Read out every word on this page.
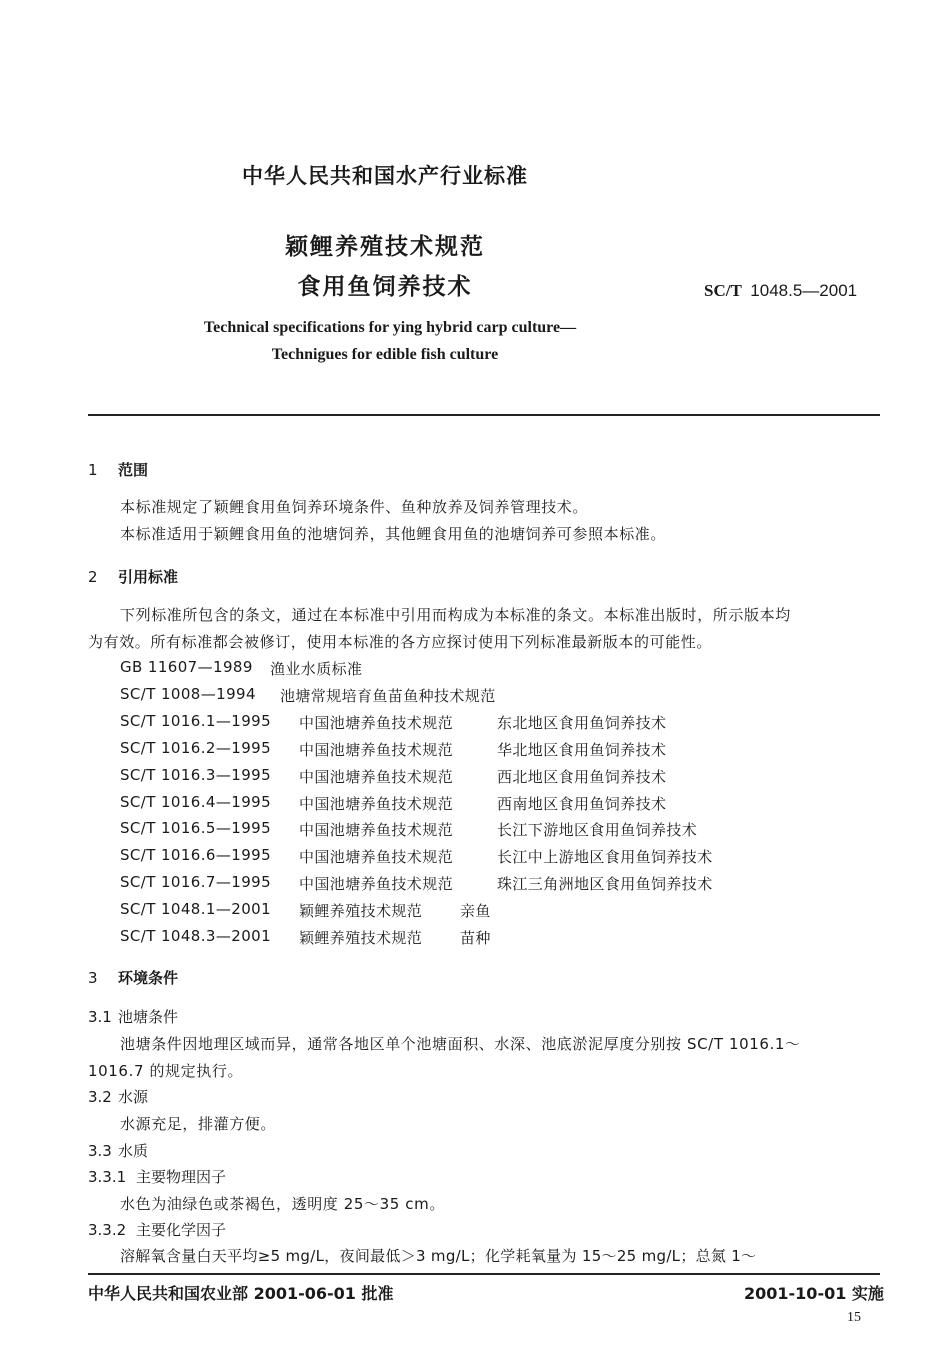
中华人民共和国水产行业标准
颖鲤养殖技术规范
食用鱼饲养技术	SC/T 1048.5—2001
Technical specifications for ying hybrid carp culture—
Technigues for edible fish culture
1 范围
本标准规定了颖鲤食用鱼饲养环境条件、鱼种放养及饲养管理技术。
本标准适用于颖鲤食用鱼的池塘饲养，其他鲤食用鱼的池塘饲养可参照本标准。
2 引用标准
下列标准所包含的条文，通过在本标准中引用而构成为本标准的条文。本标准出版时，所示版本均
为有效。所有标准都会被修订，使用本标准的各方应探讨使用下列标准最新版本的可能性。
GB 11607—1989 渔业水质标准
SC/T 1008—1994 池塘常规培育鱼苗鱼种技术规范
SC/T 1016.1—1995 中国池塘养鱼技术规范	东北地区食用鱼饲养技术
SC/T 1016.2—1995 中国池塘养鱼技术规范	华北地区食用鱼饲养技术
SC/T 1016.3—1995 中国池塘养鱼技术规范	西北地区食用鱼饲养技术
SC/T 1016.4—1995 中国池塘养鱼技术规范	西南地区食用鱼饲养技术
SC/T 1016.5—1995 中国池塘养鱼技术规范	长江下游地区食用鱼饲养技术
SC/T 1016.6—1995 中国池塘养鱼技术规范	长江中上游地区食用鱼饲养技术
SC/T 1016.7—1995 中国池塘养鱼技术规范	珠江三角洲地区食用鱼饲养技术
SC/T 1048.1—2001 颖鲤养殖技术规范	亲鱼
SC/T 1048.3—2001 颖鲤养殖技术规范	苗种
3 环境条件
3.1 池塘条件
池塘条件因地理区域而异，通常各地区单个池塘面积、水深、池底淤泥厚度分别按 SC/T 1016.1～
1016.7 的规定执行。
3.2 水源
水源充足，排灌方便。
3.3 水质
3.3.1 主要物理因子
水色为油绿色或茶褐色，透明度 25～35 cm。
3.3.2 主要化学因子
溶解氧含量白天平均≥5 mg/L，夜间最低＞3 mg/L；化学耗氧量为 15～25 mg/L；总氮 1～
中华人民共和国农业部 2001-06-01 批准	2001-10-01 实施
15
